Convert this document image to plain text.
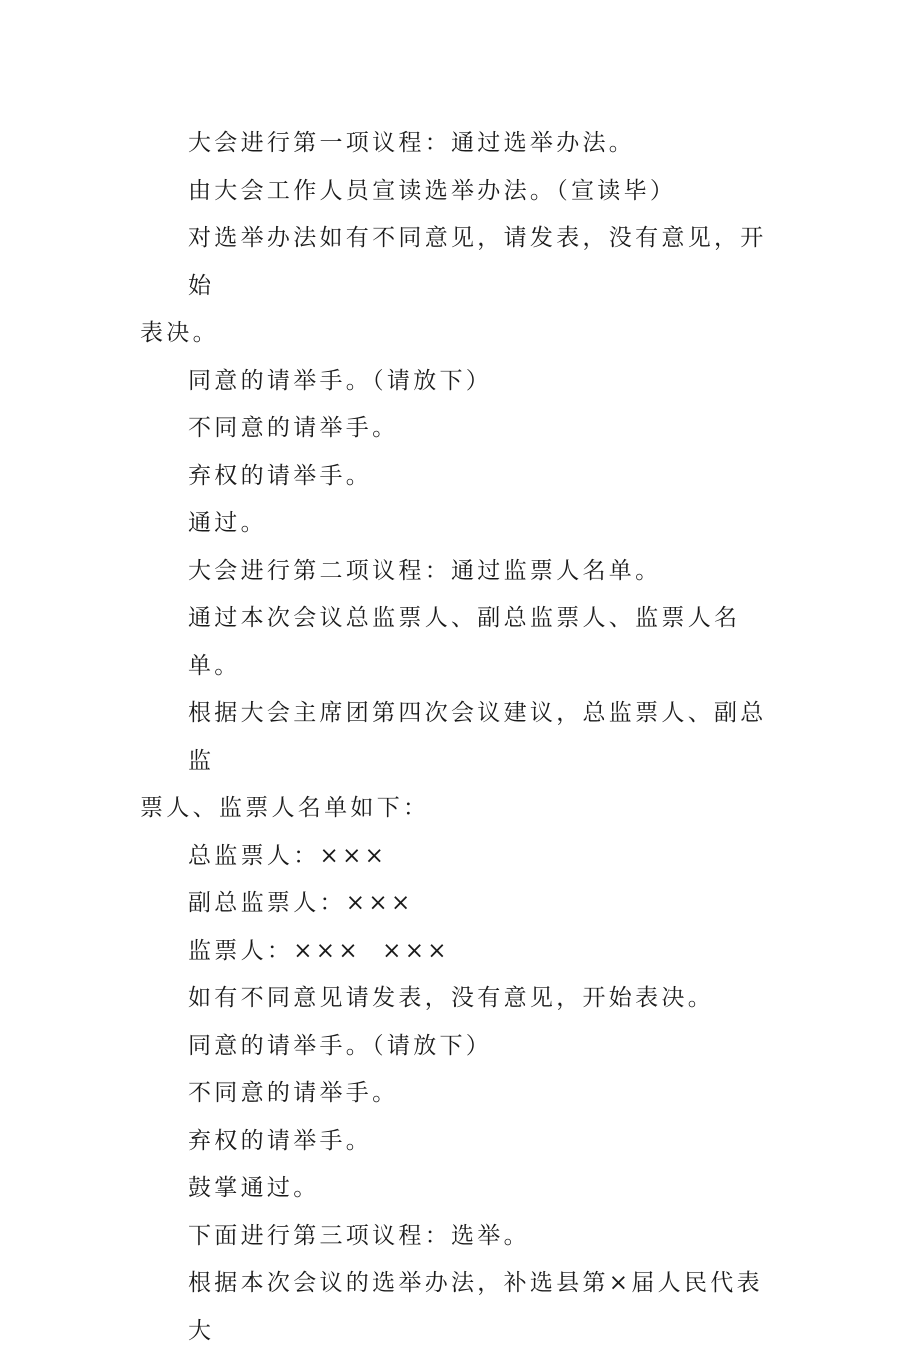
大会进行第一项议程：通过选举办法。

由大会工作人员宣读选举办法。（宣读毕）

对选举办法如有不同意见，请发表，没有意见，开始
表决。

同意的请举手。（请放下）

不同意的请举手。

弃权的请举手。

通过。

大会进行第二项议程：通过监票人名单。

通过本次会议总监票人、副总监票人、监票人名单。

根据大会主席团第四次会议建议，总监票人、副总监
票人、监票人名单如下：

总监票人：×××

副总监票人：×××

监票人：×××  ×××

如有不同意见请发表，没有意见，开始表决。

同意的请举手。（请放下）

不同意的请举手。

弃权的请举手。

鼓掌通过。

下面进行第三项议程：选举。

根据本次会议的选举办法，补选县第×届人民代表大
